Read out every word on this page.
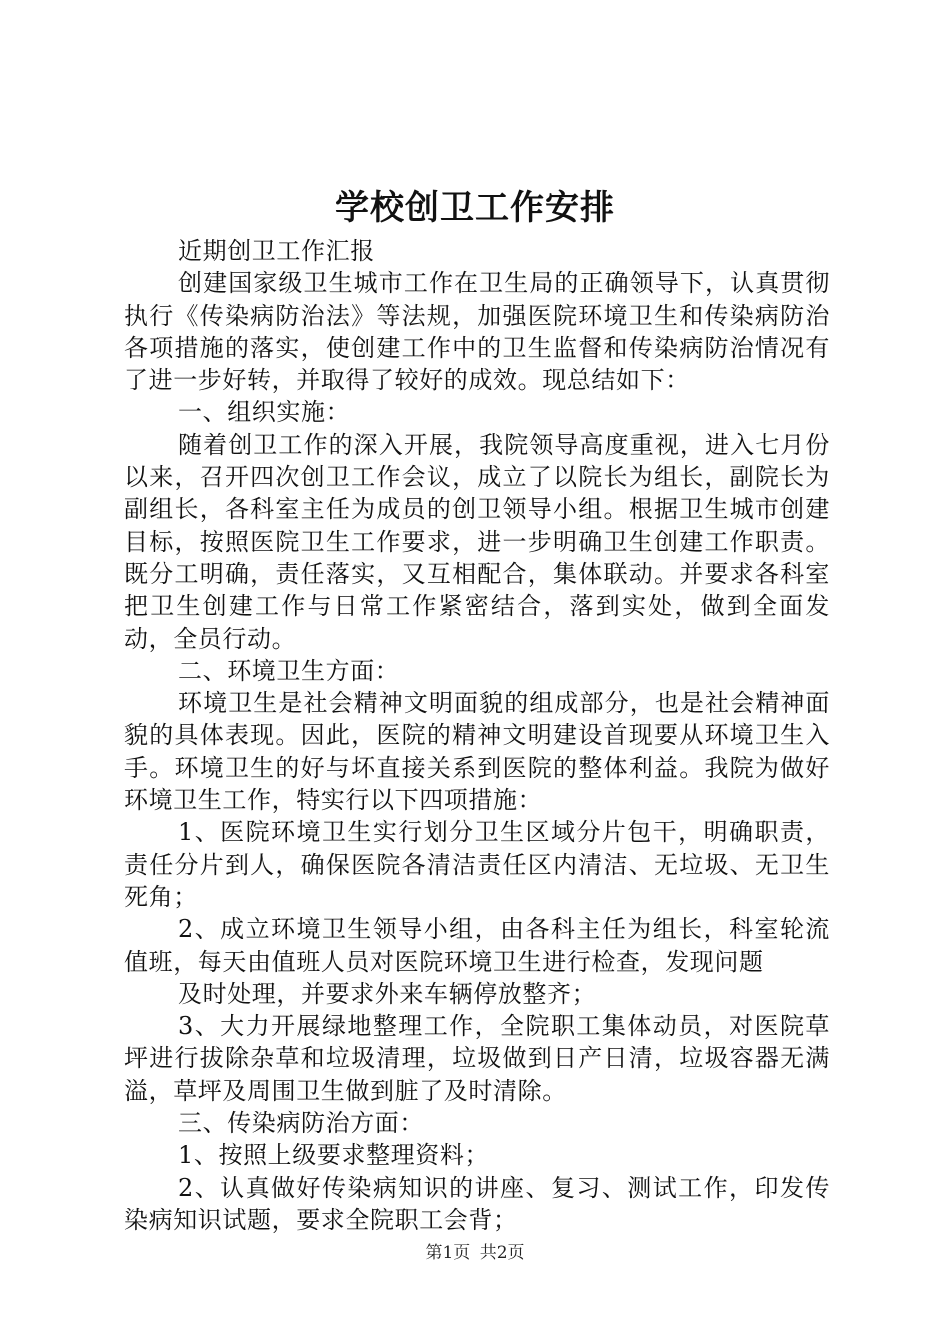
学校创卫工作安排

近期创卫工作汇报

创建国家级卫生城市工作在卫生局的正确领导下，认真贯彻执行《传染病防治法》等法规，加强医院环境卫生和传染病防治各项措施的落实，使创建工作中的卫生监督和传染病防治情况有了进一步好转，并取得了较好的成效。现总结如下：

一、组织实施：

随着创卫工作的深入开展，我院领导高度重视，进入七月份以来，召开四次创卫工作会议，成立了以院长为组长，副院长为副组长，各科室主任为成员的创卫领导小组。根据卫生城市创建目标，按照医院卫生工作要求，进一步明确卫生创建工作职责。既分工明确，责任落实，又互相配合，集体联动。并要求各科室把卫生创建工作与日常工作紧密结合，落到实处，做到全面发动，全员行动。

二、环境卫生方面：

环境卫生是社会精神文明面貌的组成部分，也是社会精神面貌的具体表现。因此，医院的精神文明建设首现要从环境卫生入手。环境卫生的好与坏直接关系到医院的整体利益。我院为做好环境卫生工作，特实行以下四项措施：

1、医院环境卫生实行划分卫生区域分片包干，明确职责，责任分片到人，确保医院各清洁责任区内清洁、无垃圾、无卫生死角；

2、成立环境卫生领导小组，由各科主任为组长，科室轮流值班，每天由值班人员对医院环境卫生进行检查，发现问题

及时处理，并要求外来车辆停放整齐；

3、大力开展绿地整理工作，全院职工集体动员，对医院草坪进行拔除杂草和垃圾清理，垃圾做到日产日清，垃圾容器无满溢，草坪及周围卫生做到脏了及时清除。

三、传染病防治方面：

1、按照上级要求整理资料；

2、认真做好传染病知识的讲座、复习、测试工作，印发传染病知识试题，要求全院职工会背；

第1页 共2页
